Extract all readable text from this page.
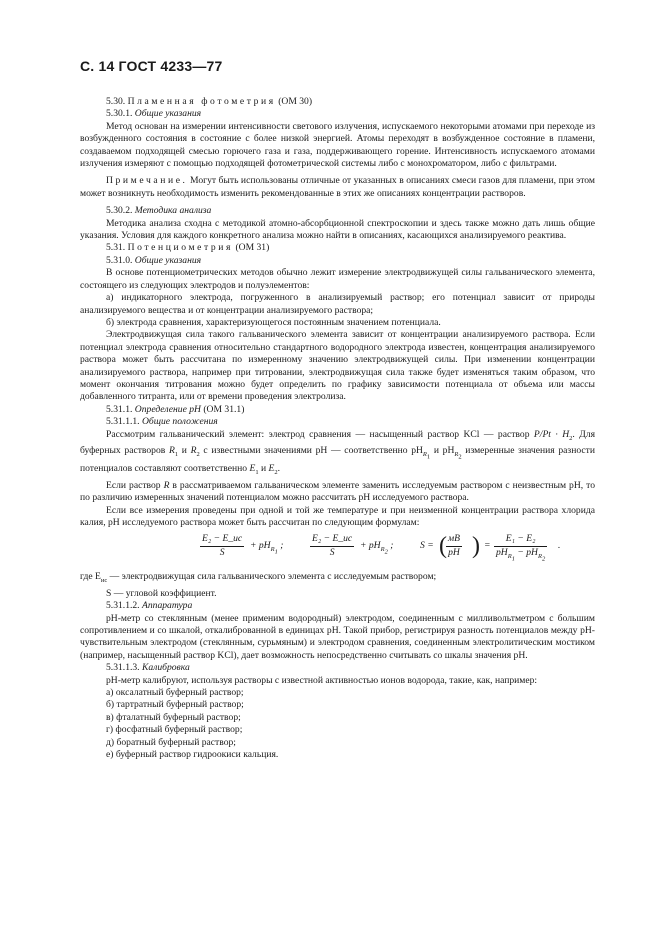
С. 14 ГОСТ 4233—77

5.30. Пламенная фотометрия (ОМ 30)

5.30.1. Общие указания

Метод основан на измерении интенсивности светового излучения, испускаемого некоторыми атомами при переходе из возбужденного состояния в состояние с более низкой энергией. Атомы переходят в возбужденное состояние в пламени, создаваемом подходящей смесью горючего газа и газа, поддерживающего горение. Интенсивность испускаемого атомами излучения измеряют с помощью подходящей фотометрической системы либо с монохроматором, либо с фильтрами.

Примечание. Могут быть использованы отличные от указанных в описаниях смеси газов для пламени, при этом может возникнуть необходимость изменить рекомендованные в этих же описаниях концентрации растворов.

5.30.2. Методика анализа

Методика анализа сходна с методикой атомно-абсорбционной спектроскопии и здесь также можно дать лишь общие указания. Условия для каждого конкретного анализа можно найти в описаниях, касающихся анализируемого реактива.

5.31. Потенциометрия (ОМ 31)

5.31.0. Общие указания

В основе потенциометрических методов обычно лежит измерение электродвижущей силы гальванического элемента, состоящего из следующих электродов и полуэлементов:

а) индикаторного электрода, погруженного в анализируемый раствор; его потенциал зависит от природы анализируемого вещества и от концентрации анализируемого раствора;

б) электрода сравнения, характеризующегося постоянным значением потенциала.

Электродвижущая сила такого гальванического элемента зависит от концентрации анализируемого раствора. Если потенциал электрода сравнения относительно стандартного водородного электрода известен, концентрация анализируемого раствора может быть рассчитана по измеренному значению электродвижущей силы. При изменении концентрации анализируемого раствора, например при титровании, электродвижущая сила также будет изменяться таким образом, что момент окончания титрования можно будет определить по графику зависимости потенциала от объема или массы добавленного титранта, или от времени проведения электролиза.

5.31.1. Определение pH (ОМ 31.1)

5.31.1.1. Общие положения

Рассмотрим гальванический элемент: электрод сравнения — насыщенный раствор KCl — раствор $P/Pt \cdot H_2$. Для буферных растворов $R_1$ и $R_2$ с известными значениями pH — соответственно $pH_{R_1}$ и $pH_{R_2}$ измеренные значения разности потенциалов составляют соответственно $E_1$ и $E_2$.

Если раствор R в рассматриваемом гальваническом элементе заменить исследуемым раствором с неизвестным pH, то по различию измеренных значений потенциалом можно рассчитать pH исследуемого раствора.

Если все измерения проведены при одной и той же температуре и при неизменной концентрации раствора хлорида калия, pH исследуемого раствора может быть рассчитан по следующим формулам:

E₂ − E_ис
S
+ $pH_{R_1}$ ;
E₂ − E_ис
S
+ $pH_{R_2}$ ;	S = ( мВ
pH ) =
E₁ − E₂
$pH_{R_1} - pH_{R_2}$
.

где $E_{ис}$ — электродвижущая сила гальванического элемента с исследуемым раствором;

S — угловой коэффициент.

5.31.1.2. Аппаратура

pH-метр со стеклянным (менее применим водородный) электродом, соединенным с милливольтметром с большим сопротивлением и со шкалой, откалиброванной в единицах pH. Такой прибор, регистрируя разность потенциалов между pH-чувствительным электродом (стеклянным, сурьмяным) и электродом сравнения, соединенным электролитическим мостиком (например, насыщенный раствор KCl), дает возможность непосредственно считывать со шкалы значения pH.

5.31.1.3. Калибровка

pH-метр калибруют, используя растворы с известной активностью ионов водорода, такие, как, например:

а) оксалатный буферный раствор;

б) тартратный буферный раствор;

в) фталатный буферный раствор;

г) фосфатный буферный раствор;

д) боратный буферный раствор;

е) буферный раствор гидроокиси кальция.
